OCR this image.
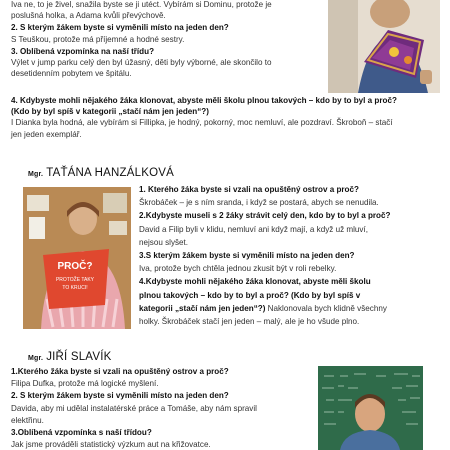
Iva ne, to je živel, snažila byste se ji utéct. Vybírám si Dominu, protože je

poslušná holka, a Adama kvůli převýchově.

2. S kterým žákem byste si vyměnili místo na jeden den?

S Teuškou, protože má příjemné a hodné sestry.

3. Oblíbená vzpomínka na naší třídu?

Výlet v jump parku celý den byl úžasný, děti byly výborné, ale skončilo to

desetidenním pobytem ve špitálu.

4. Kdybyste mohli nějakého žáka klonovat, abyste měli školu plnou takových – kdo by to byl a proč?

(Kdo by byl spíš v kategorii „stačí nám jen jeden“?)

I Dianka byla hodná, ale vybírám si Fillipka, je hodný, pokorný, moc nemluví, ale pozdraví. Škroboň – stačí

jen jeden exemplář.

Mgr. TAŤÁNA HANZÁLKOVÁ
PROČ?
PROTOŽE TAKY
TO KRUCI!

1. Kterého žáka byste si vzali na opuštěný ostrov a proč?

Škrobáček – je s ním sranda, i když se postará, abych se nenudila.

2.Kdybyste museli s 2 žáky strávit celý den, kdo by to byl a proč?

David a Filip byli v klidu, nemluví ani když mají, a když už mluví,

nejsou slyšet.

3.S kterým žákem byste si vyměnili místo na jeden den?

Iva, protože bych chtěla jednou zkusit být v roli rebelky.

4.Kdybyste mohli nějakého žáka klonovat, abyste měli školu

plnou takových – kdo by to byl a proč? (Kdo by byl spíš v

kategorii „stačí nám jen jeden“?) Naklonovala bych klidně všechny

holky. Škrobáček stačí jen jeden – malý, ale je ho všude plno.

Mgr. JIŘÍ SLAVÍK

1.Kterého žáka byste si vzali na opuštěný ostrov a proč?

Filipa Dufka, protože má logické myšlení.

2. S kterým žákem byste si vyměnili místo na jeden den?

Davida, aby mi udělal instalatérské práce a Tomáše, aby nám spravil

elektřinu.

3.Oblíbená vzpomínka s naší třídou?

Jak jsme prováděli statistický výzkum aut na křižovatce.
